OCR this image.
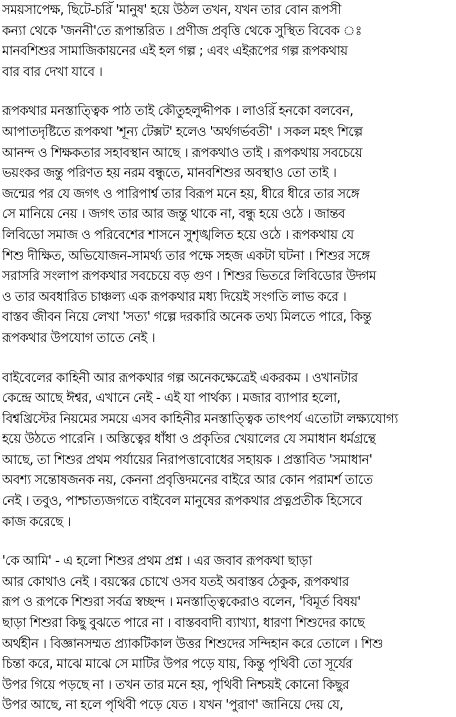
সময়সাপেক্ষ, ছিটে-চরিঁ 'মানুষ' হয়ে উঠল তখন, যখন তার বোন রূপসী
কন্যা থেকে 'জননী'তে রূপান্তরিত । প্রণীজ প্রবৃত্তি থেকে সুস্থিত বিবেক ঃ
মানবশিশুর সামাজিকায়নের এই হল গল্প ; এবং এইরূপের গল্প রূপকথায়
বার বার দেখা যাবে ।
রূপকথার মনস্তাত্ত্বিক পাঠ তাই কৌতুহলুদ্দীপক । লাওরিঁ হনকো বলবেন,
আপাতদৃষ্টিতে রূপকথা 'শূন্য টেক্সট' হলেও 'অর্থগর্ভবতী' । সকল মহৎ শিল্পে
আনন্দ ও শিক্ষকতার সহাবস্থান আছে । রূপকথাও তাই । রূপকথায় সবচেয়ে
ভয়ংকর জন্তু পরিণত হয় নরম বন্ধুতে, মানবশিশুর অবস্থাও তো তাই ।
জন্মের পর যে জগৎ ও পারিপার্শ্ব তার বিরূপ মনে হয়, ধীরে ধীরে তার সঙ্গে
সে মানিয়ে নেয় । জগৎ তার আর জন্তু থাকে না, বন্ধু হয়ে ওঠে । জান্তব
লিবিডো সমাজ ও পরিবেশের শাসনে সুশৃঙ্খলিত হয়ে ওঠে । রূপকথায় যে
শিশু দীক্ষিত, অভিযোজন-সামর্থ্য তার পক্ষে সহজ একটা ঘটনা । শিশুর সঙ্গে
সরাসরি সংলাপ রূপকথার সবচেয়ে বড় গুণ । শিশুর ভিতরে লিবিডোর উদ্গম
ও তার অবধারিত চাঞ্চল্য এক রূপকথার মধ্য দিয়েই সংগতি লাভ করে ।
বাস্তব জীবন নিয়ে লেখা 'সত্য' গল্পে দরকারি অনেক তথ্য মিলতে পারে, কিন্তু
রূপকথার উপযোগ তাতে নেই ।
বাইবেলের কাহিনী আর রূপকথার গল্প অনেকক্ষেত্রেই একরকম । ওখানটার
কেন্দ্রে আছে ঈশ্বর, এখানে নেই - এই যা পার্থক্য । মজার ব্যাপার হলো,
বিশ্বখ্রিস্টের নিয়মের সময়ে এসব কাহিনীর মনস্তাত্ত্বিক তাৎপর্য এতোটা লক্ষ্যযোগ্য
হয়ে উঠতে পারেনি । অস্তিত্বের ধাঁধা ও প্রকৃতির খেয়ালের যে সমাধান ধর্মগ্রন্থে
আছে, তা শিশুর প্রথম পর্যায়ের নিরাপত্তাবোধের সহায়ক । প্রস্তাবিত 'সমাধান'
অবশ্য সন্তোষজনক নয়, কেননা প্রবৃত্তিদমনের বাইরে আর কোন পরামর্শ তাতে
নেই । তবুও, পাশ্চাত্যজগতে বাইবেল মানুষের রূপকথার প্রত্নপ্রতীক হিসেবে
কাজ করেছে ।
'কে আমি' - এ হলো শিশুর প্রথম প্রশ্ন । এর জবাব রূপকথা ছাড়া
আর কোথাও নেই । বয়স্কের চোখে ওসব যতই অবাস্তব ঠেকুক, রূপকথার
রূপ ও রূপকে শিশুরা সর্বত্র স্বচ্ছন্দ । মনস্তাত্ত্বিকেরাও বলেন, 'বিমূর্ত বিষয়'
ছাড়া শিশুরা কিছু বুঝতে পারে না । বাস্তববাদী ব্যাখ্যা, ধারণা শিশুদের কাছে
অর্থহীন । বিজ্ঞানসম্মত প্র্যাকটিকাল উত্তর শিশুদের সন্দিহান করে তোলে । শিশু
চিন্তা করে, মাঝে মাঝে সে মাটির উপর পড়ে যায়, কিন্তু পৃথিবী তো সূর্যের
উপর গিয়ে পড়ছে না । তখন তার মনে হয়, পৃথিবী নিশ্চয়ই কোনো কিছুর
উপর আছে, না হলে পৃথিবী পড়ে যেত । যখন 'পুরাণ' জানিয়ে দেয় যে,
